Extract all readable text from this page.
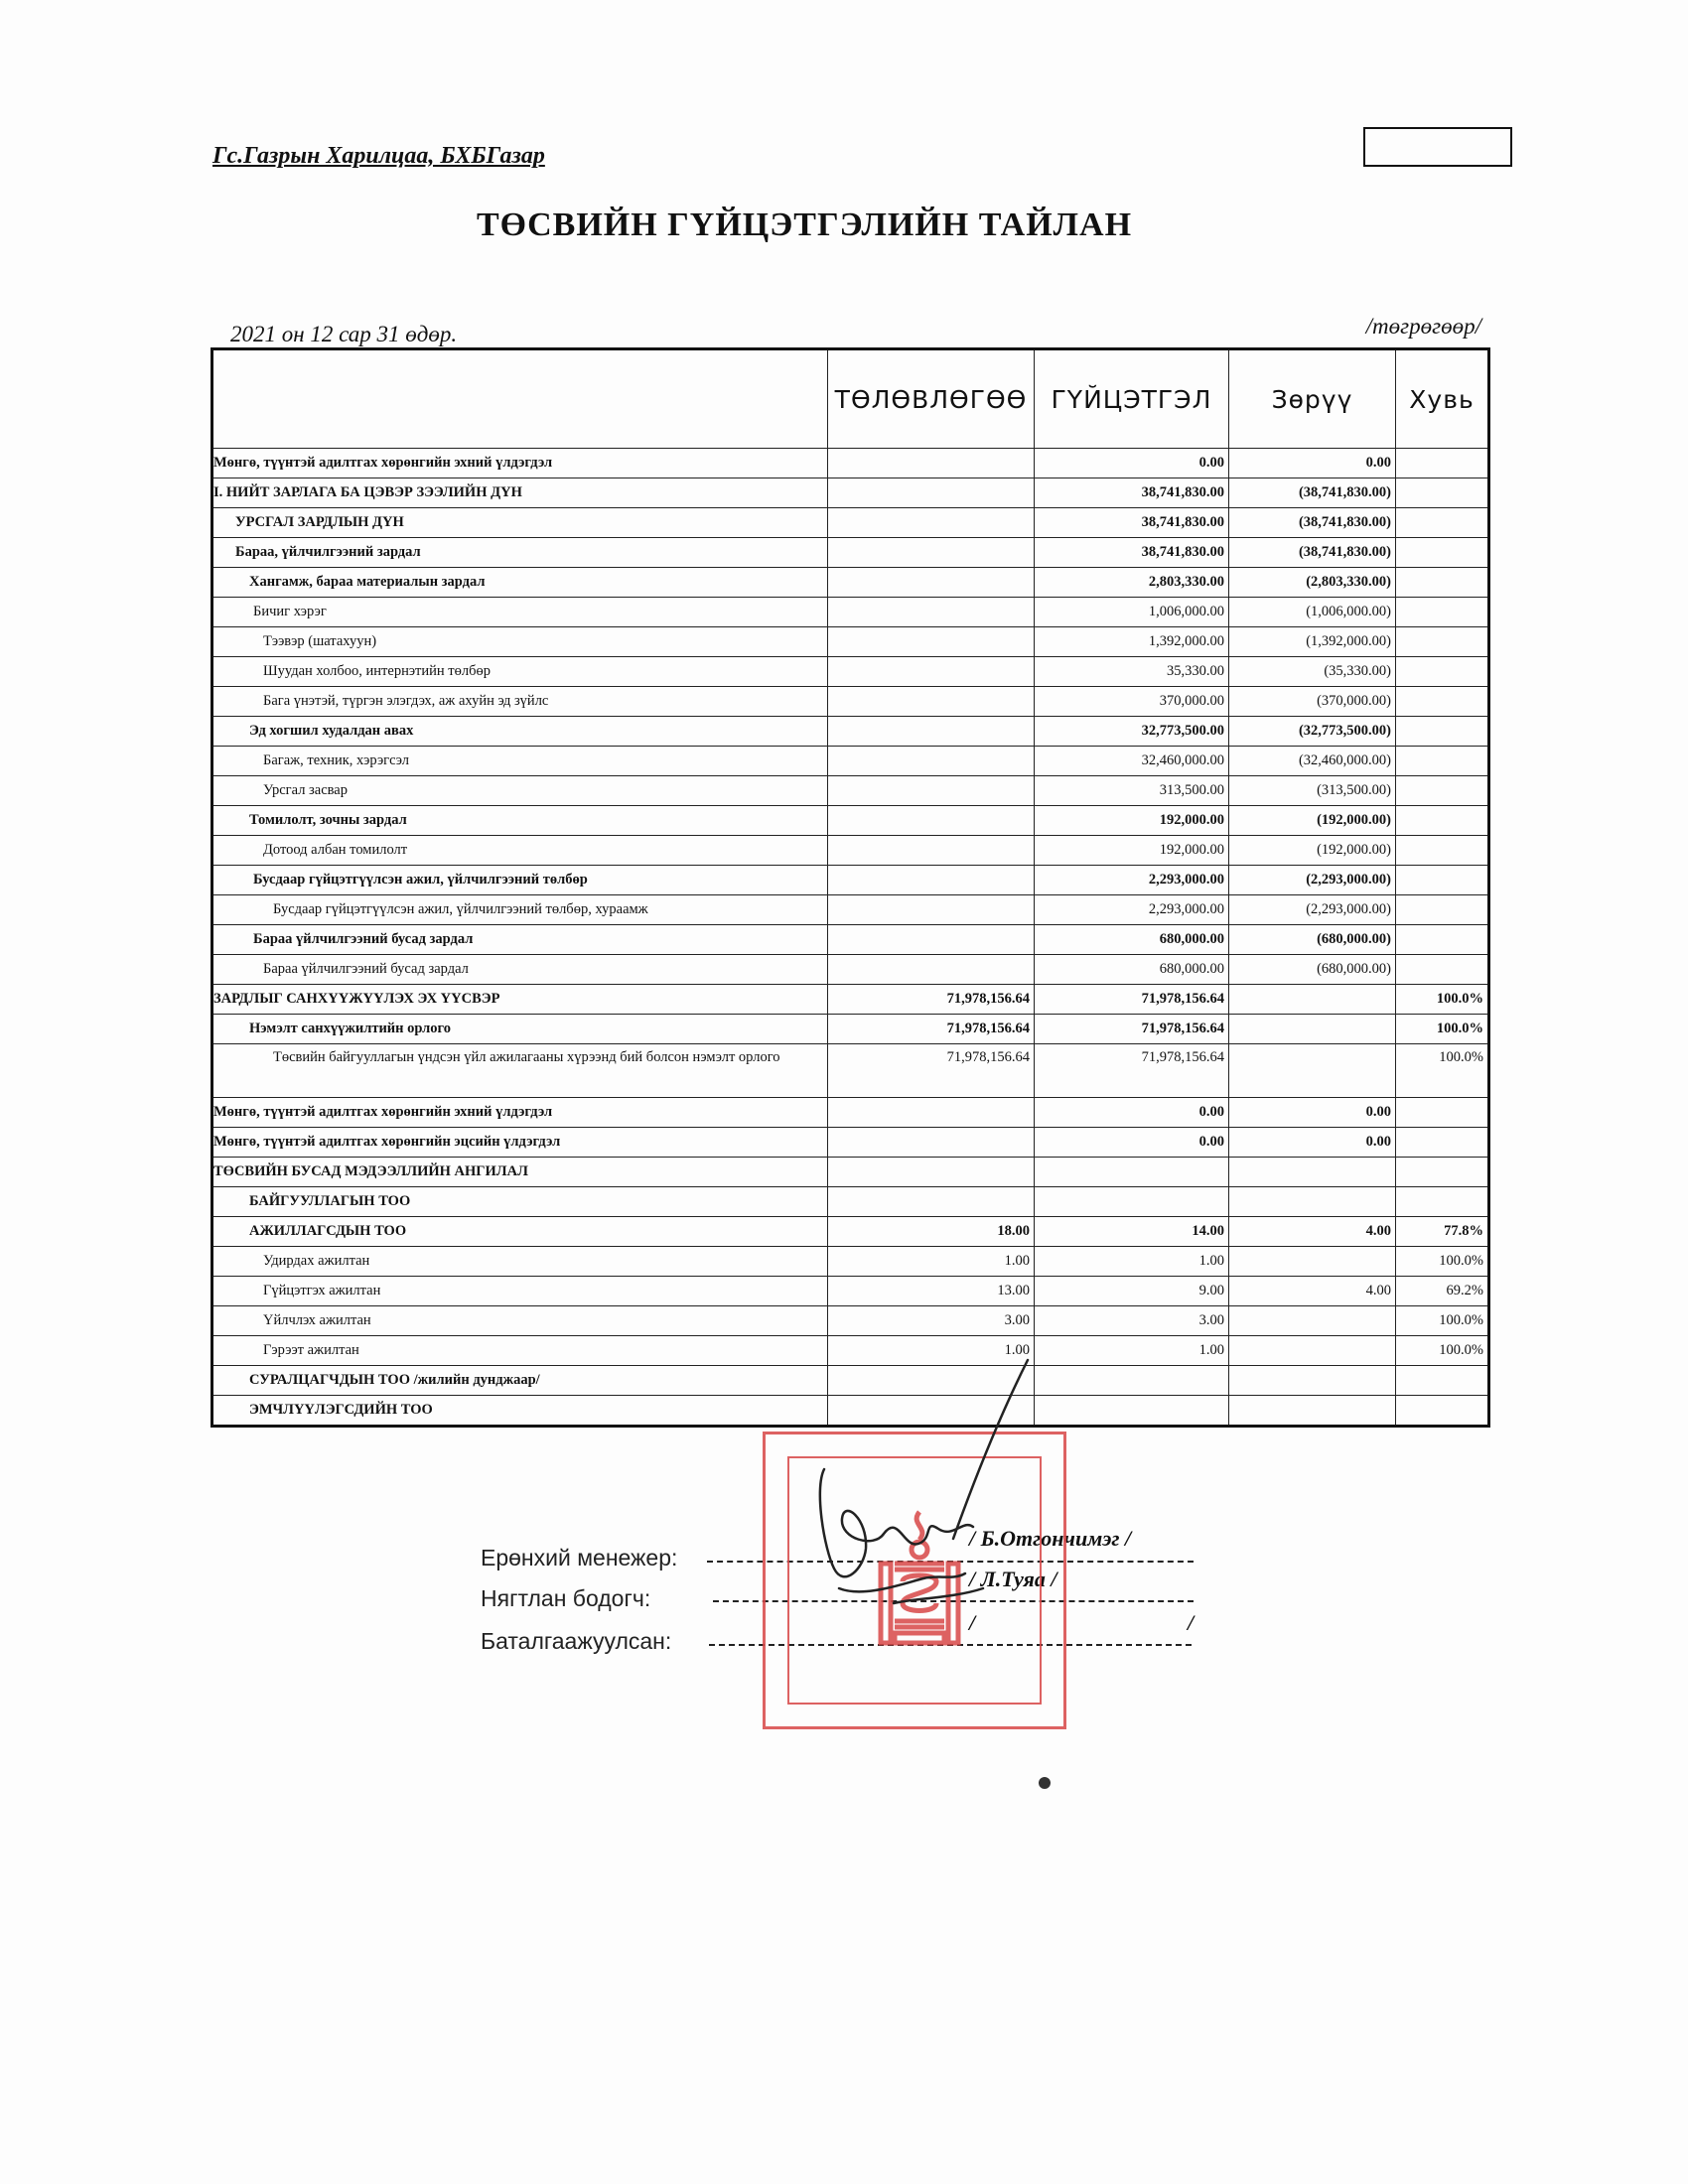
Гс.Газрын Харилцаа, БХБГазар
ТӨСВИЙН ГҮЙЦЭТГЭЛИЙН ТАЙЛАН
2021 он 12 сар 31 өдөр.	/төгрөгөөр/
	ТӨЛӨВЛӨГӨӨ	ГҮЙЦЭТГЭЛ	Зөрүү	Хувь
Мөнгө, түүнтэй адилтгах хөрөнгийн эхний үлдэгдэл		0.00	0.00	
I. НИЙТ ЗАРЛАГА БА ЦЭВЭР ЗЭЭЛИЙН ДҮН		38,741,830.00	(38,741,830.00)	
УРСГАЛ ЗАРДЛЫН ДҮН		38,741,830.00	(38,741,830.00)	
Бараа, үйлчилгээний зардал		38,741,830.00	(38,741,830.00)	
Хангамж, бараа материалын зардал		2,803,330.00	(2,803,330.00)	
Бичиг хэрэг		1,006,000.00	(1,006,000.00)	
Тээвэр (шатахуун)		1,392,000.00	(1,392,000.00)	
Шуудан холбоо, интернэтийн төлбөр		35,330.00	(35,330.00)	
Бага үнэтэй, түргэн элэгдэх, аж ахуйн эд зүйлс		370,000.00	(370,000.00)	
Эд хогшил худалдан авах		32,773,500.00	(32,773,500.00)	
Багаж, техник, хэрэгсэл		32,460,000.00	(32,460,000.00)	
Урсгал засвар		313,500.00	(313,500.00)	
Томилолт, зочны зардал		192,000.00	(192,000.00)	
Дотоод албан томилолт		192,000.00	(192,000.00)	
Бусдаар гүйцэтгүүлсэн ажил, үйлчилгээний төлбөр		2,293,000.00	(2,293,000.00)	
Бусдаар гүйцэтгүүлсэн ажил, үйлчилгээний төлбөр, хураамж		2,293,000.00	(2,293,000.00)	
Бараа үйлчилгээний бусад зардал		680,000.00	(680,000.00)	
Бараа үйлчилгээний бусад зардал		680,000.00	(680,000.00)	
ЗАРДЛЫГ САНХҮҮЖҮҮЛЭХ ЭХ ҮҮСВЭР	71,978,156.64	71,978,156.64		100.0%
Нэмэлт санхүүжилтийн орлого	71,978,156.64	71,978,156.64		100.0%
Төсвийн байгууллагын үндсэн үйл ажилагааны хүрээнд бий болсон нэмэлт орлого	71,978,156.64	71,978,156.64		100.0%
Мөнгө, түүнтэй адилтгах хөрөнгийн эхний үлдэгдэл		0.00	0.00	
Мөнгө, түүнтэй адилтгах хөрөнгийн эцсийн үлдэгдэл		0.00	0.00	
ТӨСВИЙН БУСАД МЭДЭЭЛЛИЙН АНГИЛАЛ				
БАЙГУУЛЛАГЫН ТОО				
АЖИЛЛАГСДЫН ТОО	18.00	14.00	4.00	77.8%
Удирдах ажилтан	1.00	1.00		100.0%
Гүйцэтгэх ажилтан	13.00	9.00	4.00	69.2%
Үйлчлэх ажилтан	3.00	3.00		100.0%
Гэрээт ажилтан	1.00	1.00		100.0%
СУРАЛЦАГЧДЫН ТОО /жилийн дунджаар/				
ЭМЧЛҮҮЛЭГСДИЙН ТОО				
Ерөнхий менежер:
/ Б.Отгончимэг /
Нягтлан бодогч:
/ Л.Туяа /
Баталгаажуулсан:
/	/
